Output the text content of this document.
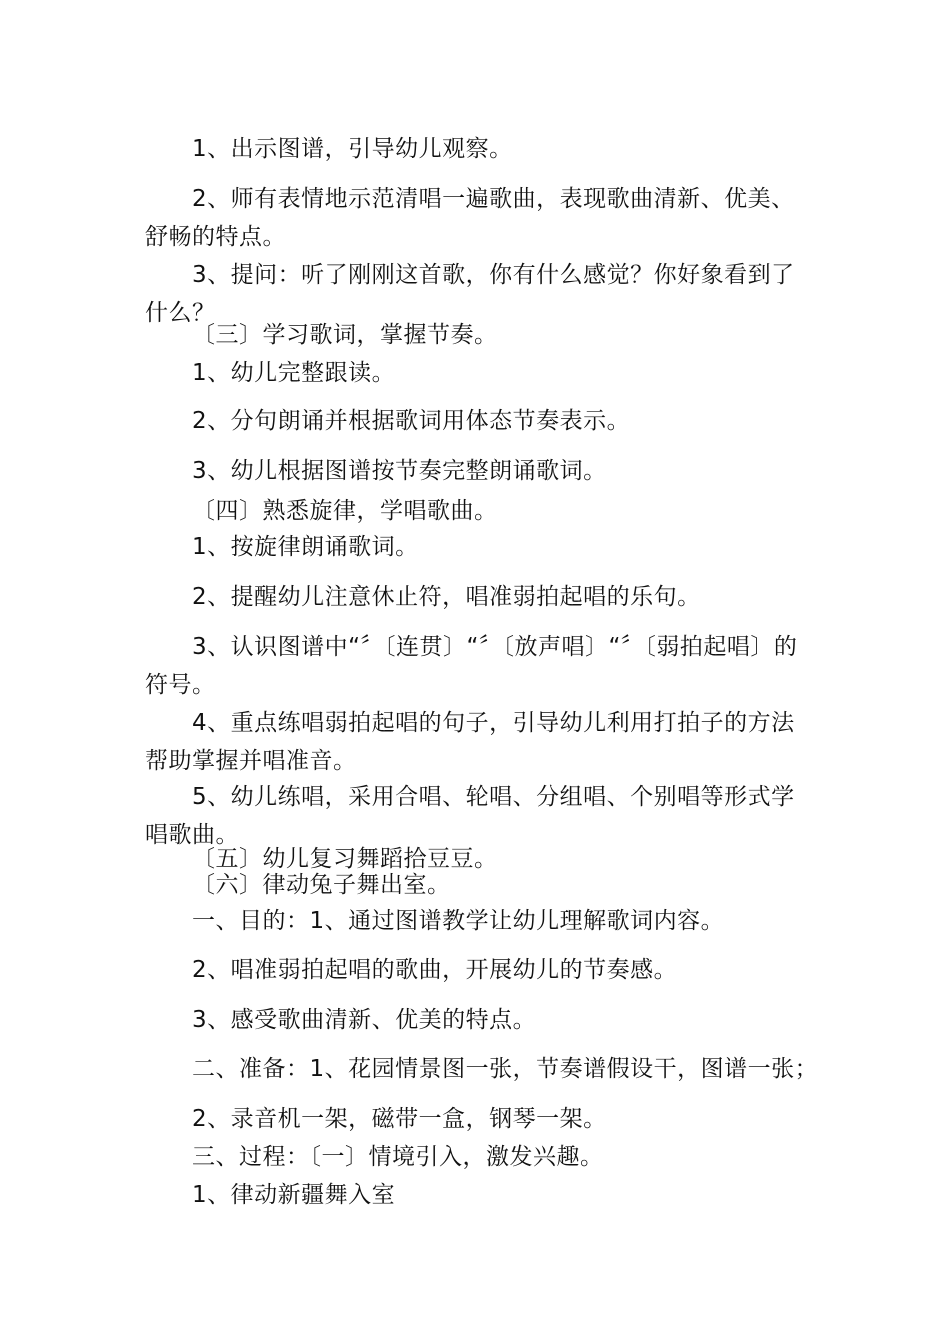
1、出示图谱，引导幼儿观察。
2、师有表情地示范清唱一遍歌曲，表现歌曲清新、优美、舒畅的特点。
3、提问：听了刚刚这首歌，你有什么感觉？你好象看到了什么？
〔三〕学习歌词，掌握节奏。
1、幼儿完整跟读。
2、分句朗诵并根据歌词用体态节奏表示。
3、幼儿根据图谱按节奏完整朗诵歌词。
〔四〕熟悉旋律，学唱歌曲。
1、按旋律朗诵歌词。
2、提醒幼儿注意休止符，唱准弱拍起唱的乐句。
3、认识图谱中“〞〔连贯〕“〞〔放声唱〕“〞〔弱拍起唱〕的符号。
4、重点练唱弱拍起唱的句子，引导幼儿利用打拍子的方法帮助掌握并唱准音。
5、幼儿练唱，采用合唱、轮唱、分组唱、个别唱等形式学唱歌曲。
〔五〕幼儿复习舞蹈拾豆豆。
〔六〕律动兔子舞出室。
一、目的：1、通过图谱教学让幼儿理解歌词内容。
2、唱准弱拍起唱的歌曲，开展幼儿的节奏感。
3、感受歌曲清新、优美的特点。
二、准备：1、花园情景图一张，节奏谱假设干，图谱一张；
2、录音机一架，磁带一盒，钢琴一架。
三、过程：〔一〕情境引入，激发兴趣。
1、律动新疆舞入室
